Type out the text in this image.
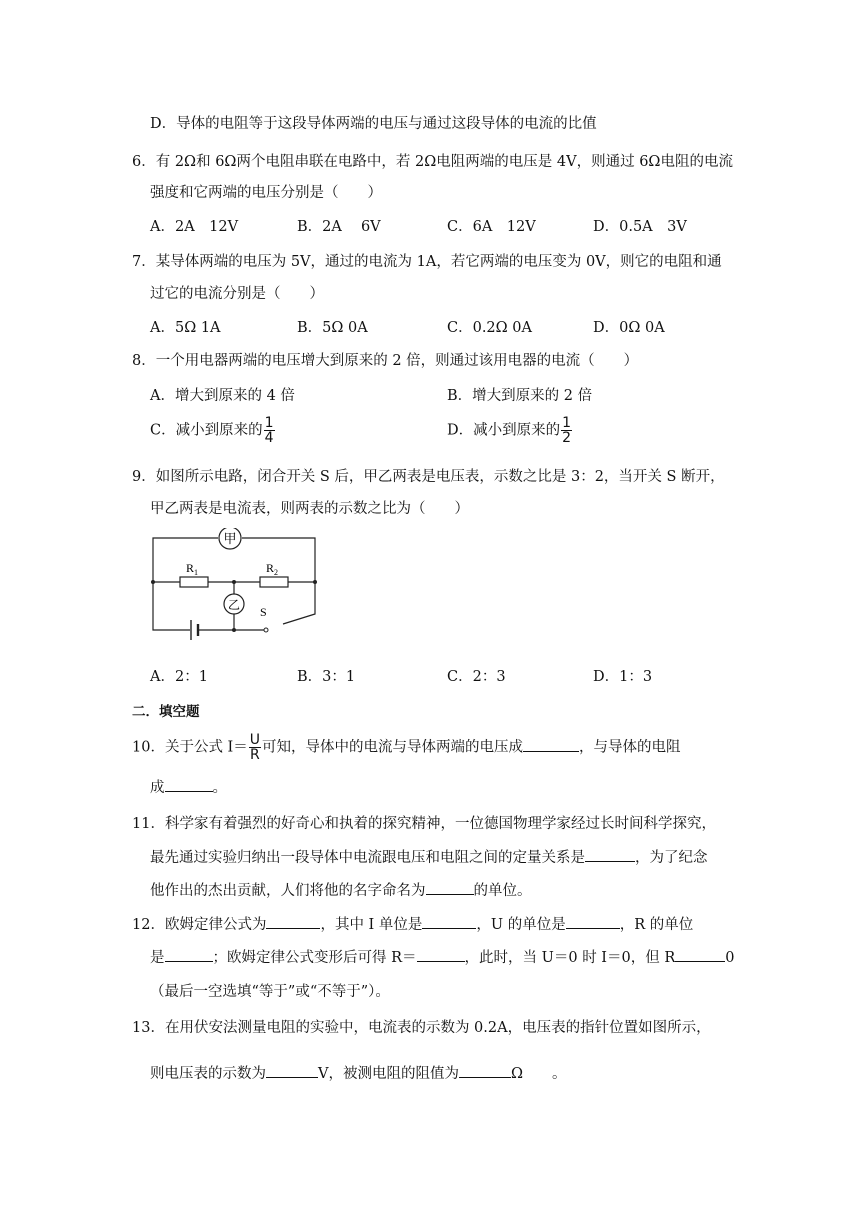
D．导体的电阻等于这段导体两端的电压与通过这段导体的电流的比值
6．有 2Ω和 6Ω两个电阻串联在电路中，若 2Ω电阻两端的电压是 4V，则通过 6Ω电阻的电流
强度和它两端的电压分别是（　　）
A．2A　12V	B．2A　 6V	C．6A　12V	D．0.5A　3V
7．某导体两端的电压为 5V，通过的电流为 1A，若它两端的电压变为 0V，则它的电阻和通
过它的电流分别是（　　）
A．5Ω 1A	B．5Ω 0A	C．0.2Ω 0A	D．0Ω 0A
8．一个用电器两端的电压增大到原来的 2 倍，则通过该用电器的电流（　　）
A．增大到原来的 4 倍	B．增大到原来的 2 倍
C．减小到原来的 $\frac{1}{4}$	D．减小到原来的 $\frac{1}{2}$
9．如图所示电路，闭合开关 S 后，甲乙两表是电压表，示数之比是 3：2，当开关 S 断开，
甲乙两表是电流表，则两表的示数之比为（　　）
甲
$R_1$	$R_2$
乙 S
A．2：1	B．3：1	C．2：3	D．1：3
二．填空题
10．关于公式 $I= \frac{U}{R}$ 可知，导体中的电流与导体两端的电压成	，与导体的电阻
成	。
11．科学家有着强烈的好奇心和执着的探究精神，一位德国物理学家经过长时间科学探究，
最先通过实验归纳出一段导体中电流跟电压和电阻之间的定量关系是	，为了纪念
他作出的杰出贡献，人们将他的名字命名为	的单位。
12．欧姆定律公式为	，其中 I 单位是	，U 的单位是	，R 的单位
是	；欧姆定律公式变形后可得 R＝	，此时，当 U＝0 时 I＝0，但 R	0
（最后一空选填“等于”或“不等于”）。
13．在用伏安法测量电阻的实验中，电流表的示数为 0.2A，电压表的指针位置如图所示，
则电压表的示数为	V，被测电阻的阻值为	Ω　　。
